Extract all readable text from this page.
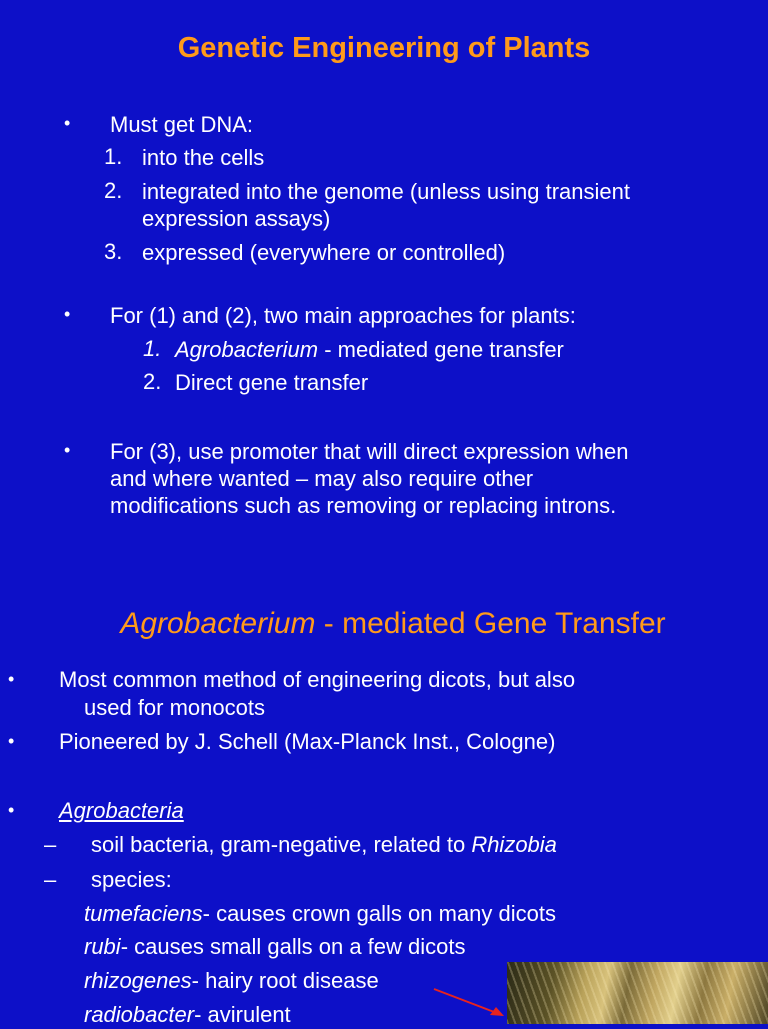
Genetic Engineering of Plants
• Must get DNA:
1. into the cells
2. integrated into the genome (unless using transient
expression assays)
3. expressed (everywhere or controlled)
• For (1) and (2), two main approaches for plants:
1. Agrobacterium - mediated gene transfer
2. Direct gene transfer
• For (3), use promoter that will direct expression when
and where wanted – may also require other
modifications such as removing or replacing introns.
Agrobacterium - mediated Gene Transfer
• Most common method of engineering dicots, but also
used for monocots
• Pioneered by J. Schell (Max-Planck Inst., Cologne)
• Agrobacteria
– soil bacteria, gram-negative, related to Rhizobia
– species:
tumefaciens- causes crown galls on many dicots
rubi- causes small galls on a few dicots
rhizogenes- hairy root disease
radiobacter- avirulent
